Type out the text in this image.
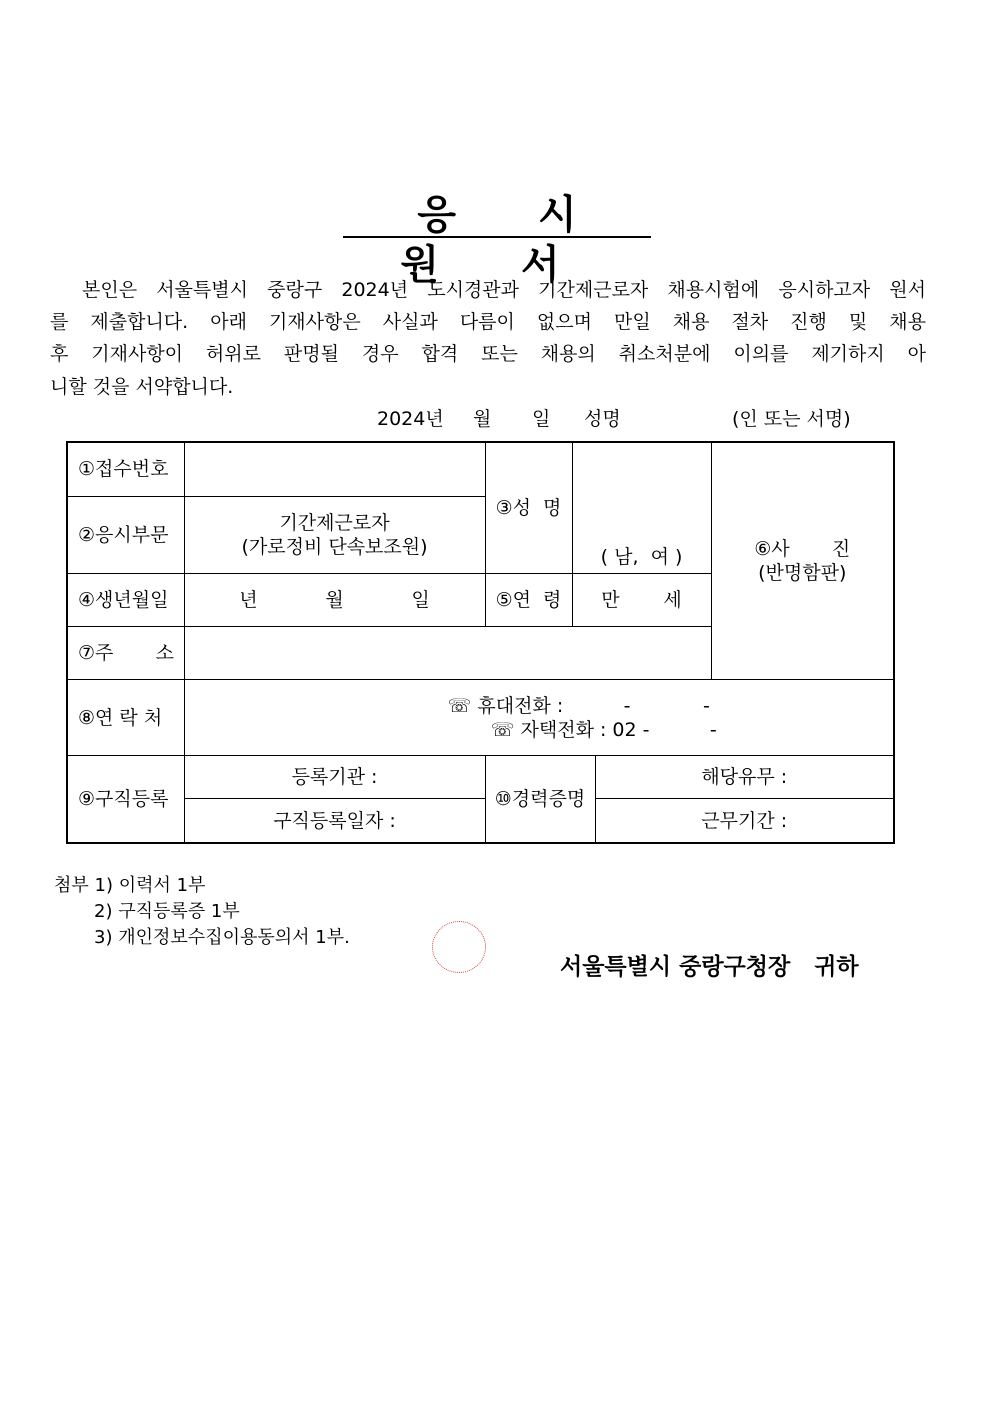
응 시 원 서

본인은 서울특별시 중랑구 2024년 도시경관과 기간제근로자 채용시험에 응시하고자 원서

를 제출합니다. 아래 기재사항은 사실과 다름이 없으며 만일 채용 절차 진행 및 채용

후 기재사항이 허위로 판명될 경우 합격 또는 채용의 취소처분에 이의를 제기하지 아

니할 것을 서약합니다.

2024년 월 일 성명	(인 또는 서명)
①접수번호		③성  명	( 남,  여 )		⑥사       진
(반명함판)

②응시부문	기간제근로자
(가로정비 단속보조원)				

④생년월일	년 월 일	⑤연  령	만 세		
⑦주       소					
⑧연 락 처	☏ 휴대전화 :          -            -
☏ 자택전화 : 02 -          -				

⑨구직등록	등록기관 :	⑩경력증명		해당유무 :	
	구직등록일자 :			근무기간 :	
첨부 1) 이력서 1부
2) 구직등록증 1부
3) 개인정보수집이용동의서 1부.
서울특별시 중랑구청장   귀하
